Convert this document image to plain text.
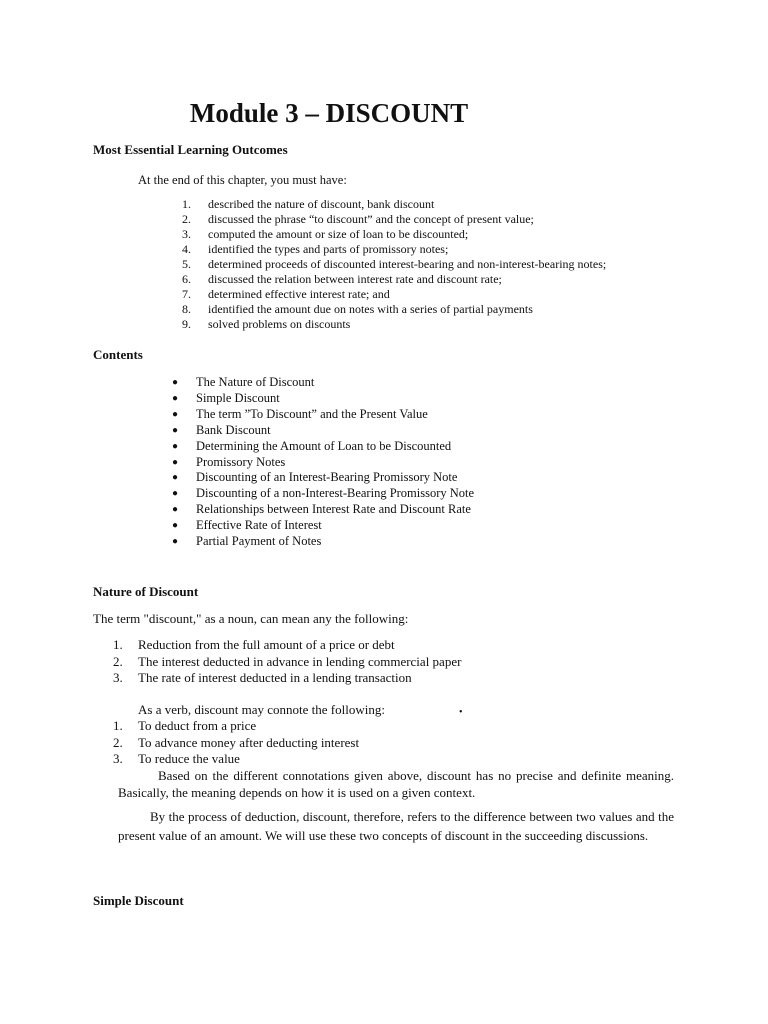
Module 3 – DISCOUNT
Most Essential Learning Outcomes

At the end of this chapter, you must have:

1.	described the nature of discount, bank discount
2.	discussed the phrase “to discount” and the concept of present value;
3.	computed the amount or size of loan to be discounted;
4.	identified the types and parts of promissory notes;
5.	determined proceeds of discounted interest-bearing and non-interest-bearing notes;
6.	discussed the relation between interest rate and discount rate;
7.	determined effective interest rate; and
8.	identified the amount due on notes with a series of partial payments
9.	solved problems on discounts
Contents
●	The Nature of Discount
●	Simple Discount
●	The term ”To Discount” and the Present Value
●	Bank Discount
●	Determining the Amount of Loan to be Discounted
●	Promissory Notes
●	Discounting of an Interest-Bearing Promissory Note
●	Discounting of a non-Interest-Bearing Promissory Note
●	Relationships between Interest Rate and Discount Rate
●	Effective Rate of Interest
●	Partial Payment of Notes
Nature of Discount

The term "discount," as a noun, can mean any the following:

1.	Reduction from the full amount of a price or debt
2.	The interest deducted in advance in lending commercial paper
3.	The rate of interest deducted in a lending transaction

As a verb, discount may connote the following:	•
1.	To deduct from a price
2.	To advance money after deducting interest
3.	To reduce the value

Based on the different connotations given above, discount has no precise and definite meaning. Basically, the meaning depends on how it is used on a given context.

By the process of deduction, discount, therefore, refers to the difference between two values and the present value of an amount. We will use these two concepts of discount in the succeeding discussions.

Simple Discount
